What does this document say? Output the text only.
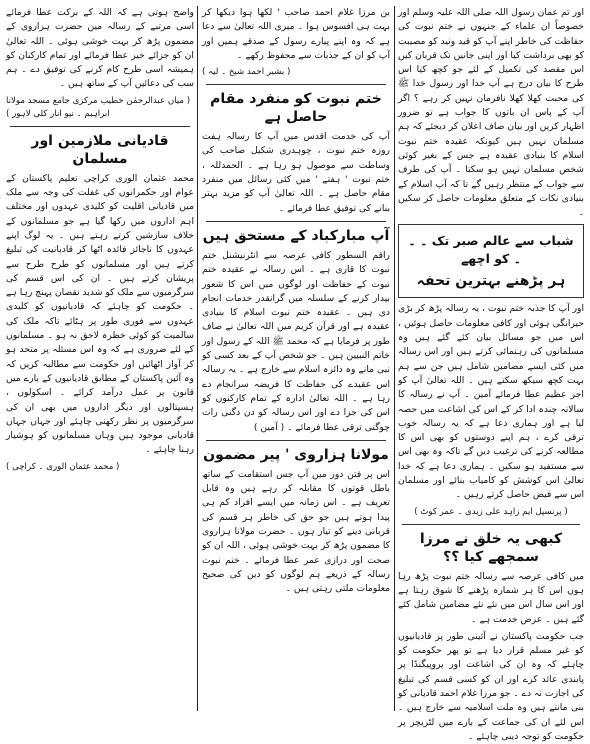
اور تم عمان رسول اللہ صلی اللہ علیہ وسلم اور خصوصاً ان علماء کے جنہوں نے ختم نبوت کی حفاظت کی خاطر اپنے آپ کو قید ونید کو مصیبت کو بھی برداشت کیا اور اپنی جانیں تک قربان کیں اس مقصد کی تکمیل کے لئے جو کچھ کیا اس طرح کا بیان درج ہے آپ خدا اور رسول خدا ﷺ کی محبت کھلا کھلا نافرمان نہیں کر رہے ؟ اگر آپ کے پاس ان باتوں کا جواب ہے تو ضرور اظہار کریں اور بیان صاف اعلان کر دیجئے کہ ہم مسلمان نہیں ہیں کیونکہ عقیدہ ختم نبوت اسلام کا بنیادی عقیدہ ہے جس کے بغیر کوئی شخص مسلمان نہیں ہو سکتا ۔ آپ کی طرف سے جواب کے منتظر رہیں گے تا کہ آپ اسلام کے بنیادی نکات کے متعلق معلومات حاصل کر سکیں ۔

شباب سے عالم صبر تک ۔ ۔ ۔ کو اچھے
ہر پڑھنے بہترین تحفہ

اور آپ کا جذبہ ختم نبوت ، یہ رسالہ پڑھ کر بڑی حیرانگی ہوئی اور کافی معلومات حاصل ہوئیں ، اس میں جو مسائل بیان کئے گئے ہیں وہ مسلمانوں کی رہنمائی کرتے ہیں اور اس رسالہ میں کئی ایسے مضامین شامل ہیں جن سے ہم بہت کچھ سیکھ سکتے ہیں ۔ اللہ تعالیٰ آپ کو اجر عظیم عطا فرمائے آمین ۔ آپ نے رسالہ کا سالانہ چندہ ادا کر کے اس کی اشاعت میں حصہ لیا ہے اور ہماری دعا ہے کہ یہ رسالہ خوب ترقی کرے ، ہم اپنے دوستوں کو بھی اس کا مطالعہ کرنے کی ترغیب دیں گے تاکہ وہ بھی اس سے مستفید ہو سکیں ۔ ہماری دعا ہے کہ خدا تعالیٰ اس کوشش کو کامیاب بنائے اور مسلمان اس سے فیض حاصل کرتے رہیں ۔

( پرنسپل ایم زاہد علی زیدی ۔ عمر کوٹ )

کبھی یہ خلق نے مرزا سمجھے کیا ؟؟

میں کافی عرصہ سے رسالہ ختم نبوت پڑھ رہا ہوں اس کا ہر شمارہ پڑھنے کا شوق رہتا ہے اور اس سال اس میں نئے نئے مضامین شامل کئے گئے ہیں ۔ عرض خدمت ہے ۔

جب حکومت پاکستان نے آئینی طور پر قادیانیوں کو غیر مسلم قرار دیا ہے تو پھر حکومت کو چاہئے کہ وہ ان کی اشاعت اور پروپیگنڈا پر پابندی عائد کرے اور ان کو کسی قسم کی تبلیغ کی اجازت نہ دے ۔ جو مرزا غلام احمد قادیانی کو بنی مانتے ہیں وہ ملت اسلامیہ سے خارج ہیں ۔ اس لئے ان کی جماعت کے بارے میں لٹریچر پر حکومت کو توجہ دینی چاہئے ۔

بن مرزا غلام احمد صاحب ' لکھا ہوا دیکھا کر بہت ہی افسوس ہوا ۔ میری اللہ تعالیٰ سے دعا ہے کہ وہ اپنے پیارے رسول کے صدقے ہمیں اور آپ کو ان کے جذبات سے محفوظ رکھے ۔

( بشیر احمد شیخ ۔ لیہ )

ختم نبوت کو منفرد مقام حاصل ہے

آپ کی خدمت اقدس میں آپ کا رسالہ ہفت روزہ ختم نبوت ، چوہدری شکیل صاحب کی وساطت سے موصول ہو رہا ہے ۔ الحمدللہ ، ختم نبوت ' ہفتے ' میں کئی رسائل میں منفرد مقام حاصل ہے ۔ اللہ تعالیٰ آپ کو مزید بہتر بنانے کی توفیق عطا فرمائے ۔

آپ مبارکباد کے مستحق ہیں

راقم السطور کافی عرصہ سے انٹرنیشنل ختم نبوت کا قاری ہے ۔ اس رسالہ نے عقیدہ ختم نبوت کے حفاظت اور لوگوں میں اس کا شعور بیدار کرنے کے سلسلہ میں گرانقدر خدمات انجام دی ہیں ۔ عقیدہ ختم نبوت اسلام کا بنیادی عقیدہ ہے اور قرآن کریم میں اللہ تعالیٰ نے صاف طور پر فرمایا ہے کہ محمد ﷺ اللہ کے رسول اور خاتم النبیین ہیں ۔ جو شخص آپ کے بعد کسی کو نبی مانے وہ دائرہ اسلام سے خارج ہے ۔ یہ رسالہ اس عقیدے کی حفاظت کا فریضہ سرانجام دے رہا ہے ۔ اللہ تعالیٰ ادارہ کے تمام کارکنوں کو اس کی جزا دے اور اس رسالہ کو دن دگنی رات چوگنی ترقی عطا فرمائے ۔ ( آمین )

مولانا ہزاروی ' پیر مضمون

اس پر فتن دور میں آپ جس استقامت کے ساتھ باطل قوتوں کا مقابلہ کر رہے ہیں وہ قابل تعریف ہے ۔ اس زمانہ میں ایسے افراد کم ہی پیدا ہوتے ہیں جو حق کی خاطر ہر قسم کی قربانی دینے کو تیار ہوں ۔ حضرت مولانا ہزاروی کا مضمون پڑھ کر بہت خوشی ہوئی ، اللہ ان کو صحت اور درازی عمر عطا فرمائے ۔ ختم نبوت رسالہ کے ذریعے ہم لوگوں کو دین کی صحیح معلومات ملتی رہتی ہیں ۔

واضح ہوتی ہے کہ اللہ کے برکت عطا فرمائے اسی مرتبے کے رسالہ میں حضرت ہزاروی کے مضمون پڑھ کر بہت خوشی ہوئی ۔ اللہ تعالیٰ ان کو جزائے خیر عطا فرمائے اور تمام کارکنان کو ہمیشہ اسی طرح کام کرنے کی توفیق دے ۔ ہم سب کی دعائیں آپ کے ساتھ ہیں ۔

( میاں عبدالرحمٰن خطیب مرکزی جامع مسجد مولانا ابراہیم ۔ نیو انار کلی لاہور )

قادیانی ملازمین اور مسلمان

محمد عثمان الوری کراچی تعلیم پاکستان کے عوام اور حکمرانوں کی غفلت کی وجہ سے ملک میں قادیانی اقلیت کو کلیدی عہدوں اور مختلف اہم اداروں میں رکھا گیا ہے جو مسلمانوں کے خلاف سازشیں کرتے رہتے ہیں ۔ یہ لوگ اپنے عہدوں کا ناجائز فائدہ اٹھا کر قادیانیت کی تبلیغ کرتے ہیں اور مسلمانوں کو طرح طرح سے پریشان کرتے ہیں ۔ ان کی اس قسم کی سرگرمیوں سے ملک کو شدید نقصان پہنچ رہا ہے ۔ حکومت کو چاہئے کہ قادیانیوں کو کلیدی عہدوں سے فوری طور پر ہٹائے تاکہ ملک کی سالمیت کو کوئی خطرہ لاحق نہ ہو ۔ مسلمانوں کے لئے ضروری ہے کہ وہ اس مسئلہ پر متحد ہو کر آواز اٹھائیں اور حکومت سے مطالبہ کریں کہ وہ آئین پاکستان کے مطابق قادیانیوں کے بارے میں قانون پر عمل درآمد کرائے ۔ اسکولوں ، ہسپتالوں اور دیگر اداروں میں بھی ان کی سرگرمیوں پر نظر رکھنی چاہئے اور جہاں جہاں قادیانی موجود ہیں وہاں مسلمانوں کو ہوشیار رہنا چاہئے ۔

( محمد عثمان الوری ۔ کراچی )
